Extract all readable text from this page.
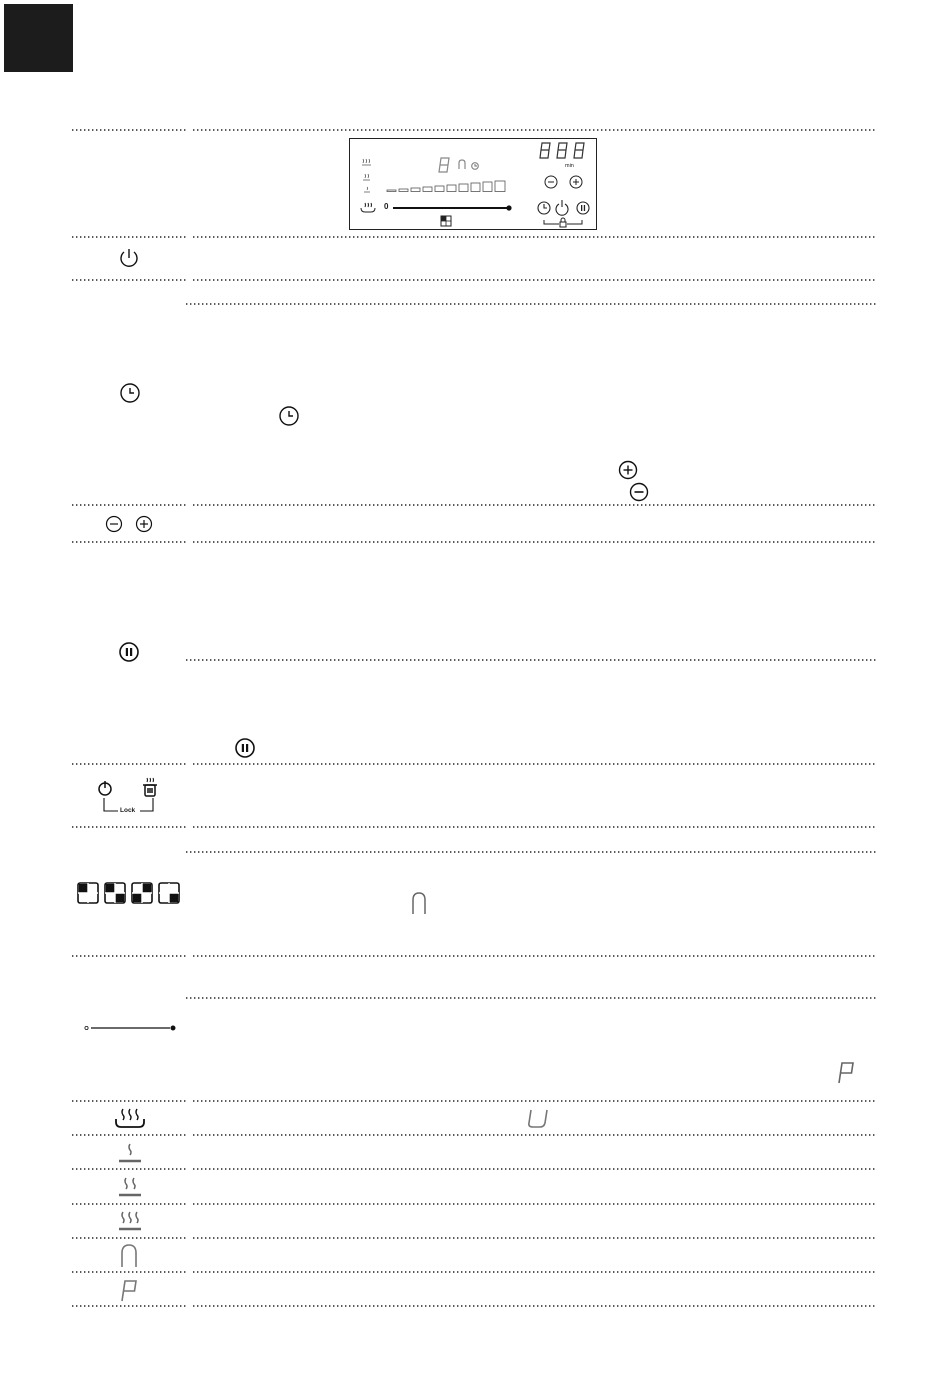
min
0
Lock
